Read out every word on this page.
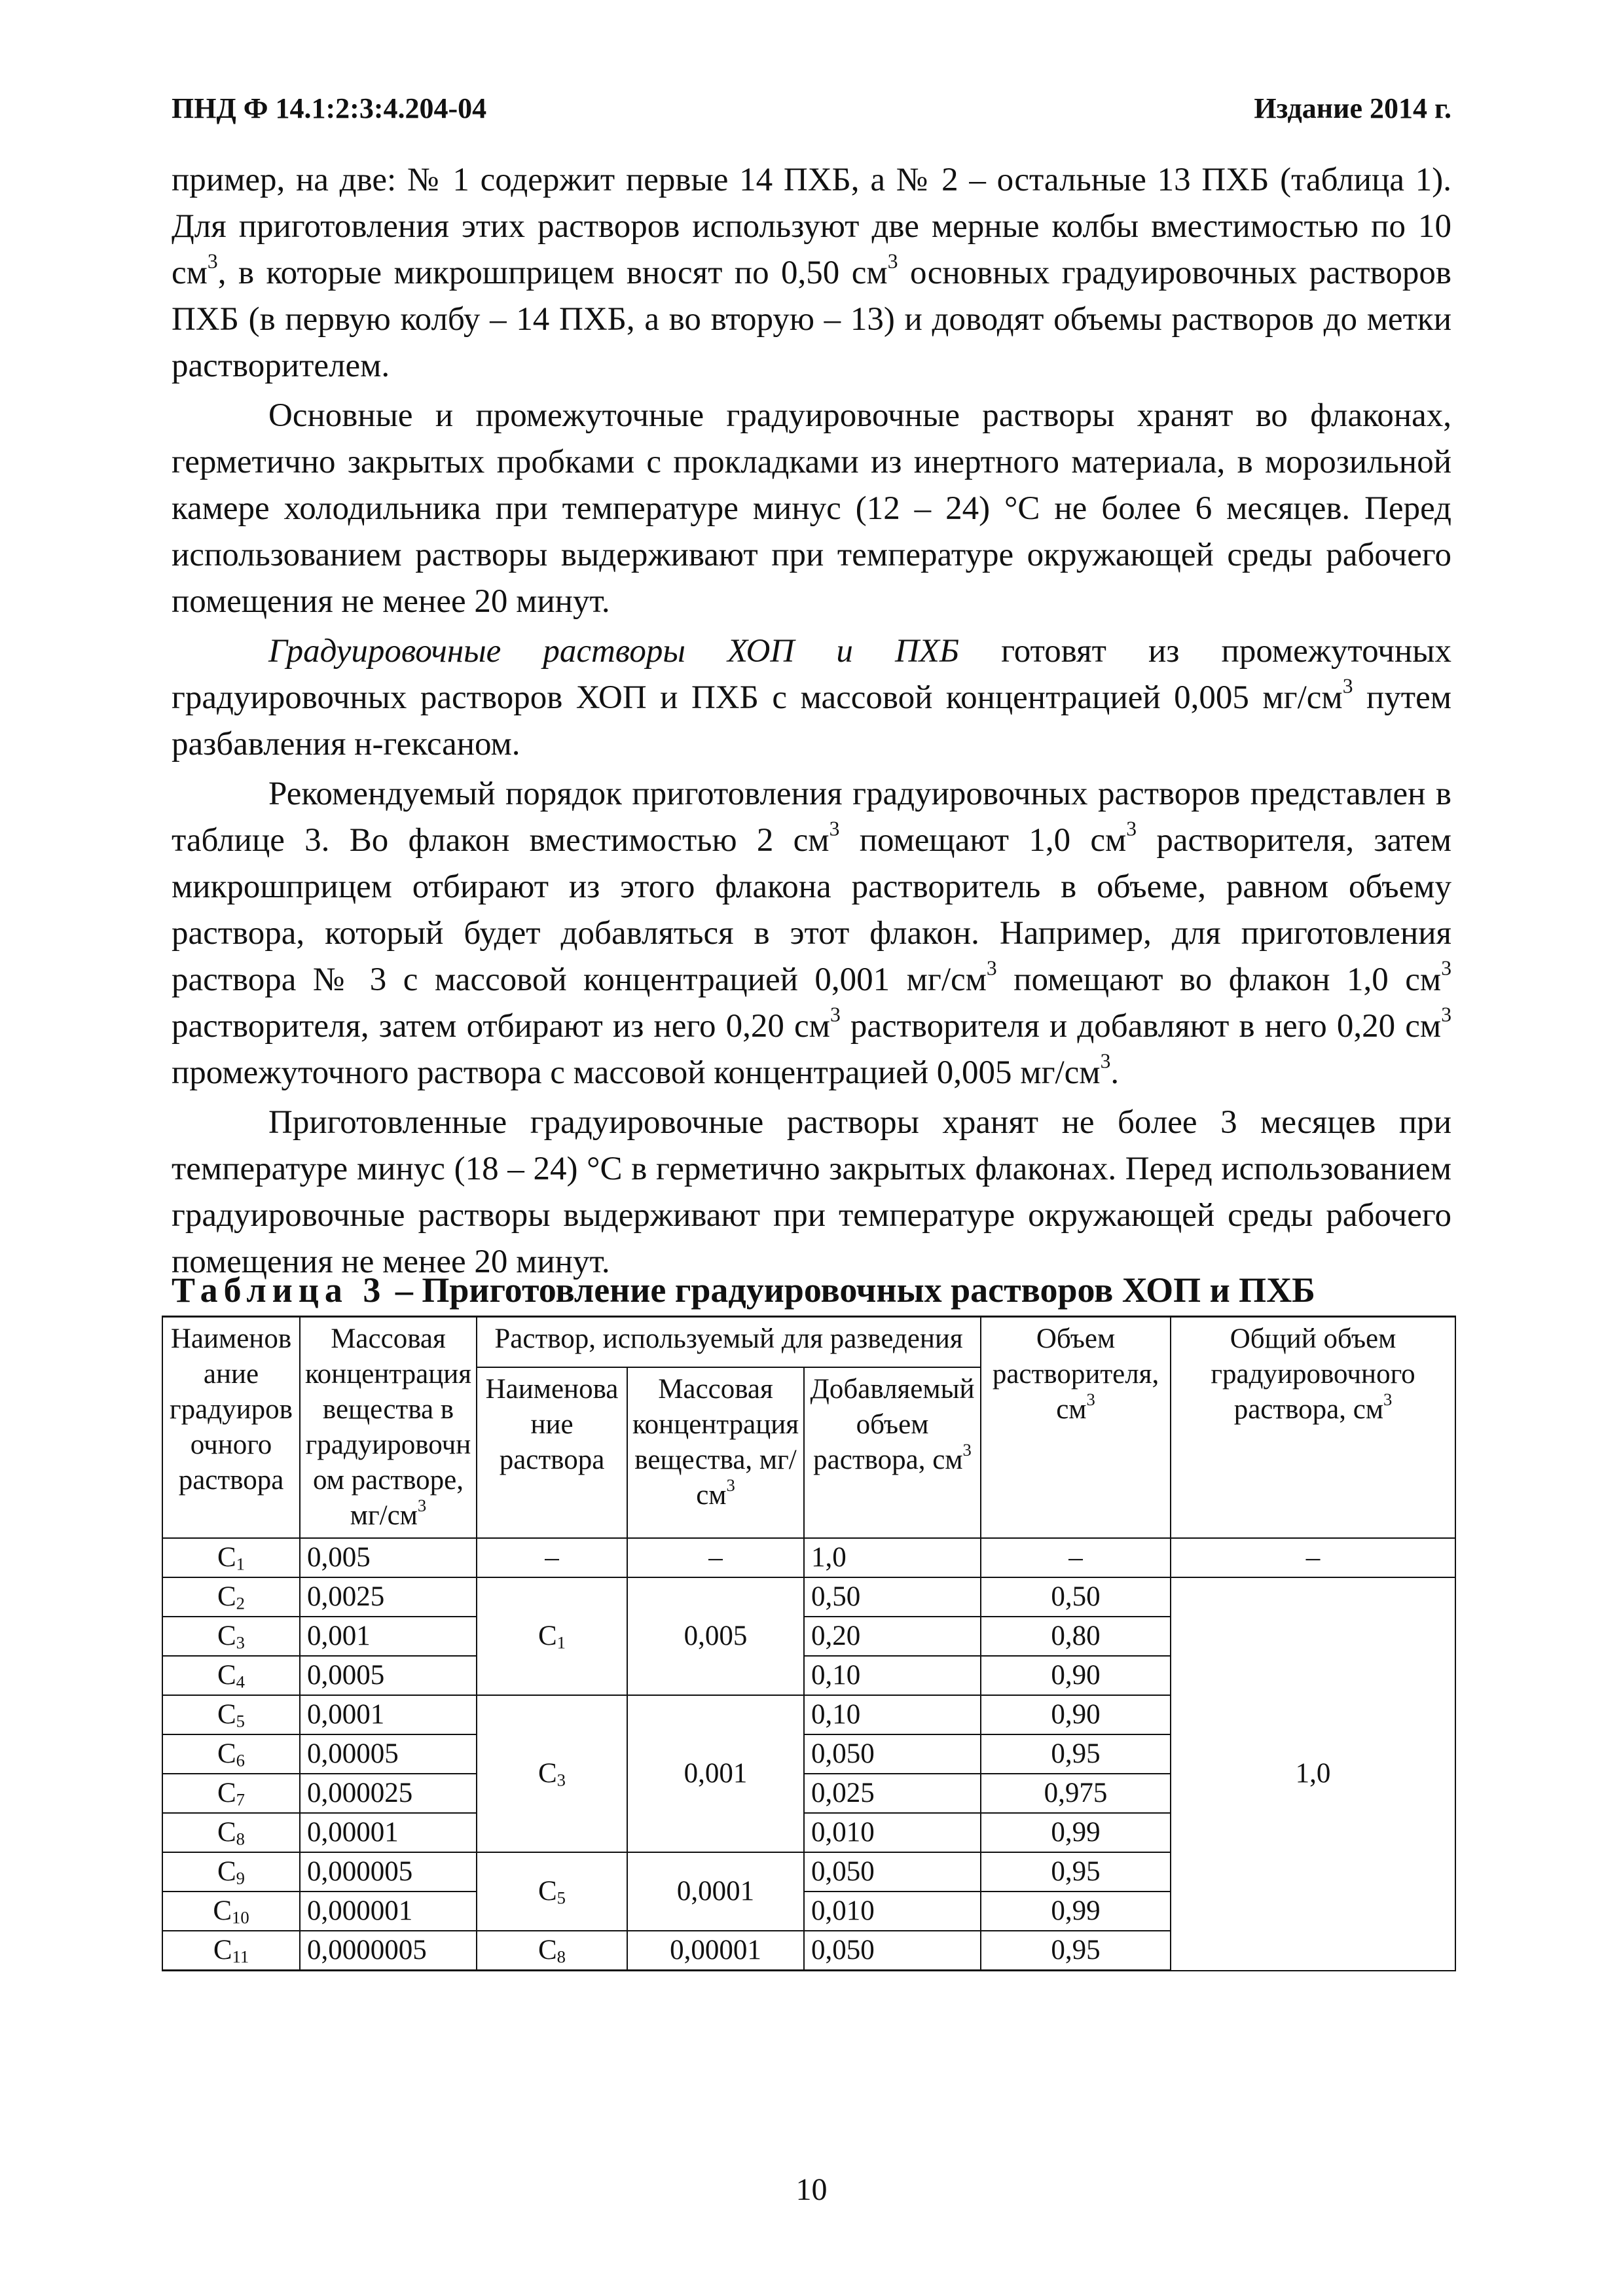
ПНД Ф 14.1:2:3:4.204-04	Издание 2014 г.

пример, на две: № 1 содержит первые 14 ПХБ, а № 2 – остальные 13 ПХБ (таблица 1). Для приготовления этих растворов используют две мерные колбы вместимостью по 10 $см^3$, в которые микрошприцем вносят по 0,50 $см^3$ основных градуировочных растворов ПХБ (в первую колбу – 14 ПХБ, а во вторую – 13) и доводят объемы растворов до метки растворителем.

Основные и промежуточные градуировочные растворы хранят во флаконах, герметично закрытых пробками с прокладками из инертного материала, в морозильной камере холодильника при температуре минус (12 – 24) °С не более 6 месяцев. Перед использованием растворы выдерживают при температуре окружающей среды рабочего помещения не менее 20 минут.

Градуировочные растворы ХОП и ПХБ готовят из промежуточных градуировочных растворов ХОП и ПХБ с массовой концентрацией 0,005 $мг/см^3$ путем разбавления н-гексаном.

Рекомендуемый порядок приготовления градуировочных растворов представлен в таблице 3. Во флакон вместимостью 2 $см^3$ помещают 1,0 $см^3$ растворителя, затем микрошприцем отбирают из этого флакона растворитель в объеме, равном объему раствора, который будет добавляться в этот флакон. Например, для приготовления раствора № 3 с массовой концентрацией 0,001 $мг/см^3$ помещают во флакон 1,0 $см^3$ растворителя, затем отбирают из него 0,20 $см^3$ растворителя и добавляют в него 0,20 $см^3$ промежуточного раствора с массовой концентрацией 0,005 $мг/см^3$.

Приготовленные градуировочные растворы хранят не более 3 месяцев при температуре минус (18 – 24) °С в герметично закрытых флаконах. Перед использованием градуировочные растворы выдерживают при температуре окружающей среды рабочего помещения не менее 20 минут.

Таблица 3 – Приготовление градуировочных растворов ХОП и ПХБ
Наименование градуировочного раствора	Массовая концентрация вещества в градуировочном растворе, $мг/см^3$	Раствор, используемый для разведения			Объем растворителя, $см^3$	Общий объем градуировочного раствора, $см^3$
		Наименование раствора	Массовая концентрация вещества, $мг/см^3$	Добавляемый объем раствора, $см^3$
$C_1$	0,005	–	–	1,0	–	–
$C_2$	0,0025	$C_1$	0,005	0,50	0,50	1,0
$C_3$	0,001			0,20	0,80	
$C_4$	0,0005			0,10	0,90	
$C_5$	0,0001	$C_3$	0,001	0,10	0,90	
$C_6$	0,00005			0,050	0,95	
$C_7$	0,000025			0,025	0,975	
$C_8$	0,00001			0,010	0,99	
$C_9$	0,000005	$C_5$	0,0001	0,050	0,95	
$C_{10}$	0,000001			0,010	0,99	
$C_{11}$	0,0000005	$C_8$	0,00001	0,050	0,95	
10
